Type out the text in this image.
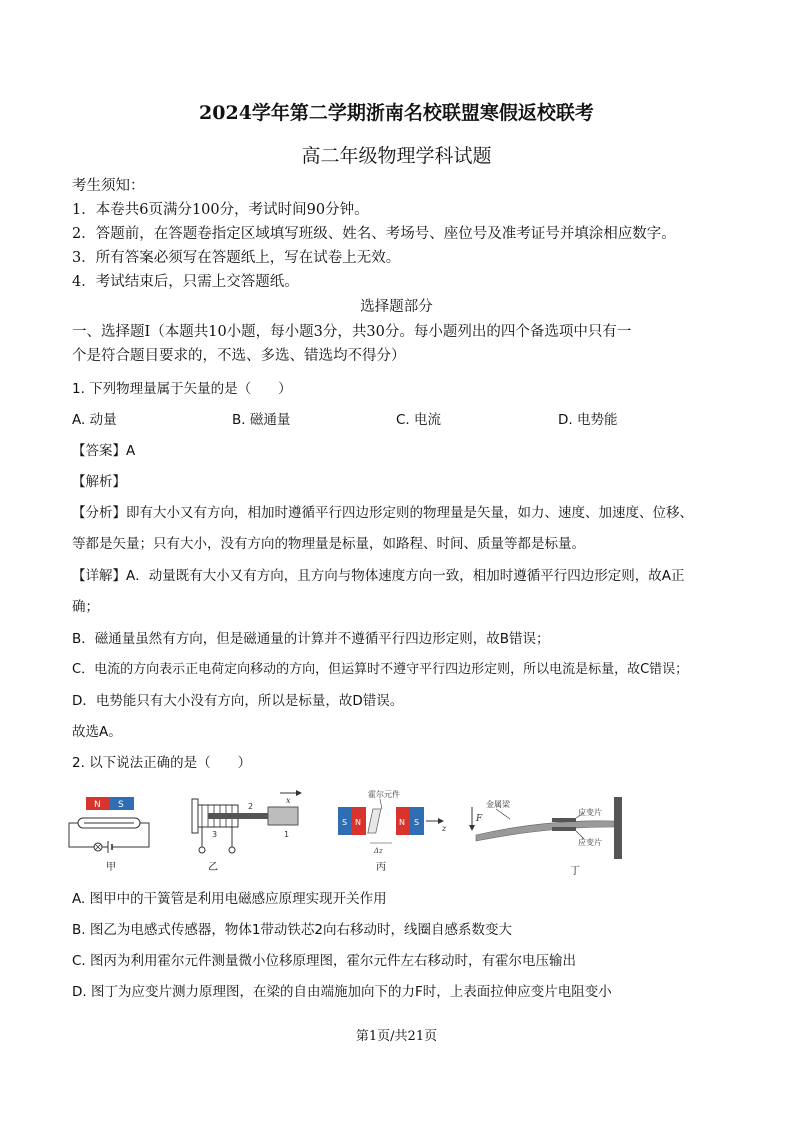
2024学年第二学期浙南名校联盟寒假返校联考
高二年级物理学科试题
考生须知：
1．本卷共6页满分100分，考试时间90分钟。
2．答题前，在答题卷指定区域填写班级、姓名、考场号、座位号及准考证号并填涂相应数字。
3．所有答案必须写在答题纸上，写在试卷上无效。
4．考试结束后，只需上交答题纸。
选择题部分
一、选择题Ⅰ（本题共10小题，每小题3分，共30分。每小题列出的四个备选项中只有一
个是符合题目要求的，不选、多选、错选均不得分）
1. 下列物理量属于矢量的是（　　）
A. 动量	B. 磁通量	C. 电流	D. 电势能
【答案】A
【解析】
【分析】即有大小又有方向，相加时遵循平行四边形定则的物理量是矢量，如力、速度、加速度、位移、
等都是矢量；只有大小，没有方向的物理量是标量，如路程、时间、质量等都是标量。
【详解】A．动量既有大小又有方向，且方向与物体速度方向一致，相加时遵循平行四边形定则，故A正
确；
B．磁通量虽然有方向，但是磁通量的计算并不遵循平行四边形定则，故B错误；
C．电流的方向表示正电荷定向移动的方向，但运算时不遵守平行四边形定则，所以电流是标量，故C错误；
D．电势能只有大小没有方向，所以是标量，故D错误。
故选A。
2. 以下说法正确的是（　　）
N S
甲
x
2
1
3
乙
霍尔元件
S N	N S
z
Δz
丙
金属梁
F
应变片
应变片
丁
A. 图甲中的干簧管是利用电磁感应原理实现开关作用
B. 图乙为电感式传感器，物体1带动铁芯2向右移动时，线圈自感系数变大
C. 图丙为利用霍尔元件测量微小位移原理图，霍尔元件左右移动时，有霍尔电压输出
D. 图丁为应变片测力原理图，在梁的自由端施加向下的力F时，上表面拉伸应变片电阻变小
第1页/共21页
